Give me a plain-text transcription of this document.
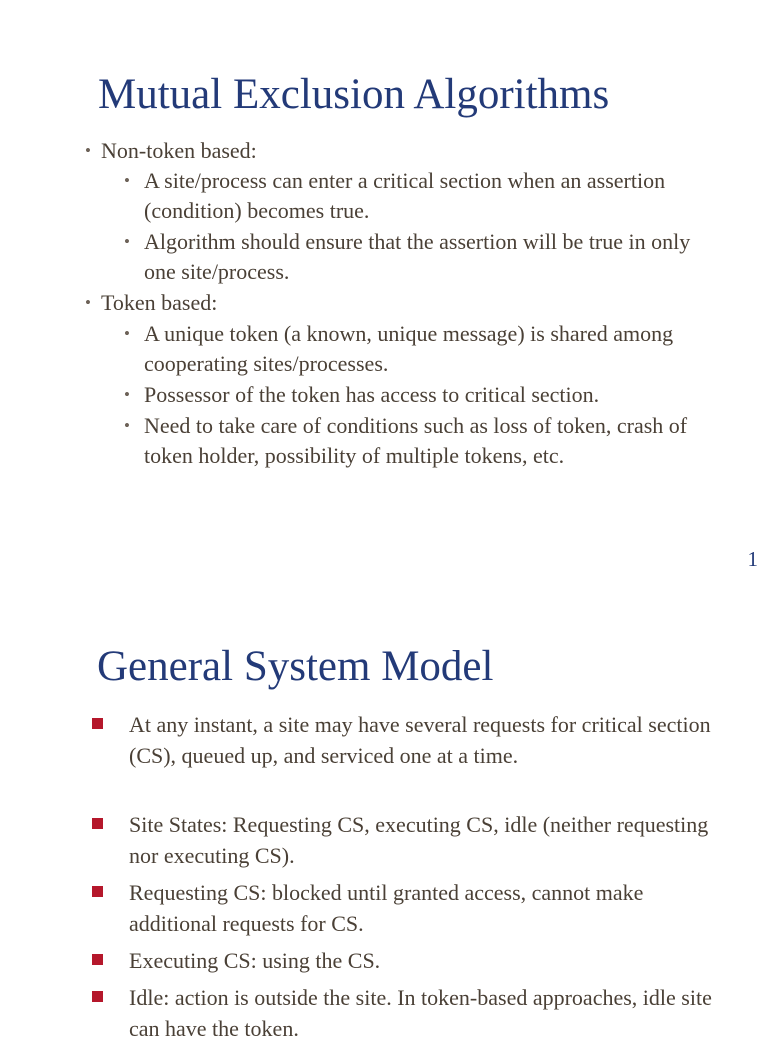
Mutual Exclusion Algorithms
• Non-token based:
• A site/process can enter a critical section when an assertion (condition) becomes true.
• Algorithm should ensure that the assertion will be true in only one site/process.
• Token based:
• A unique token (a known, unique message) is shared among cooperating sites/processes.
• Possessor of the token has access to critical section.
• Need to take care of conditions such as loss of token, crash of token holder, possibility of multiple tokens, etc.
1
General System Model
At any instant, a site may have several requests for critical section (CS), queued up, and serviced one at a time.
Site States: Requesting CS, executing CS, idle (neither requesting nor executing CS).
Requesting CS: blocked until granted access, cannot make additional requests for CS.
Executing CS: using the CS.
Idle: action is outside the site. In token-based approaches, idle site can have the token.
